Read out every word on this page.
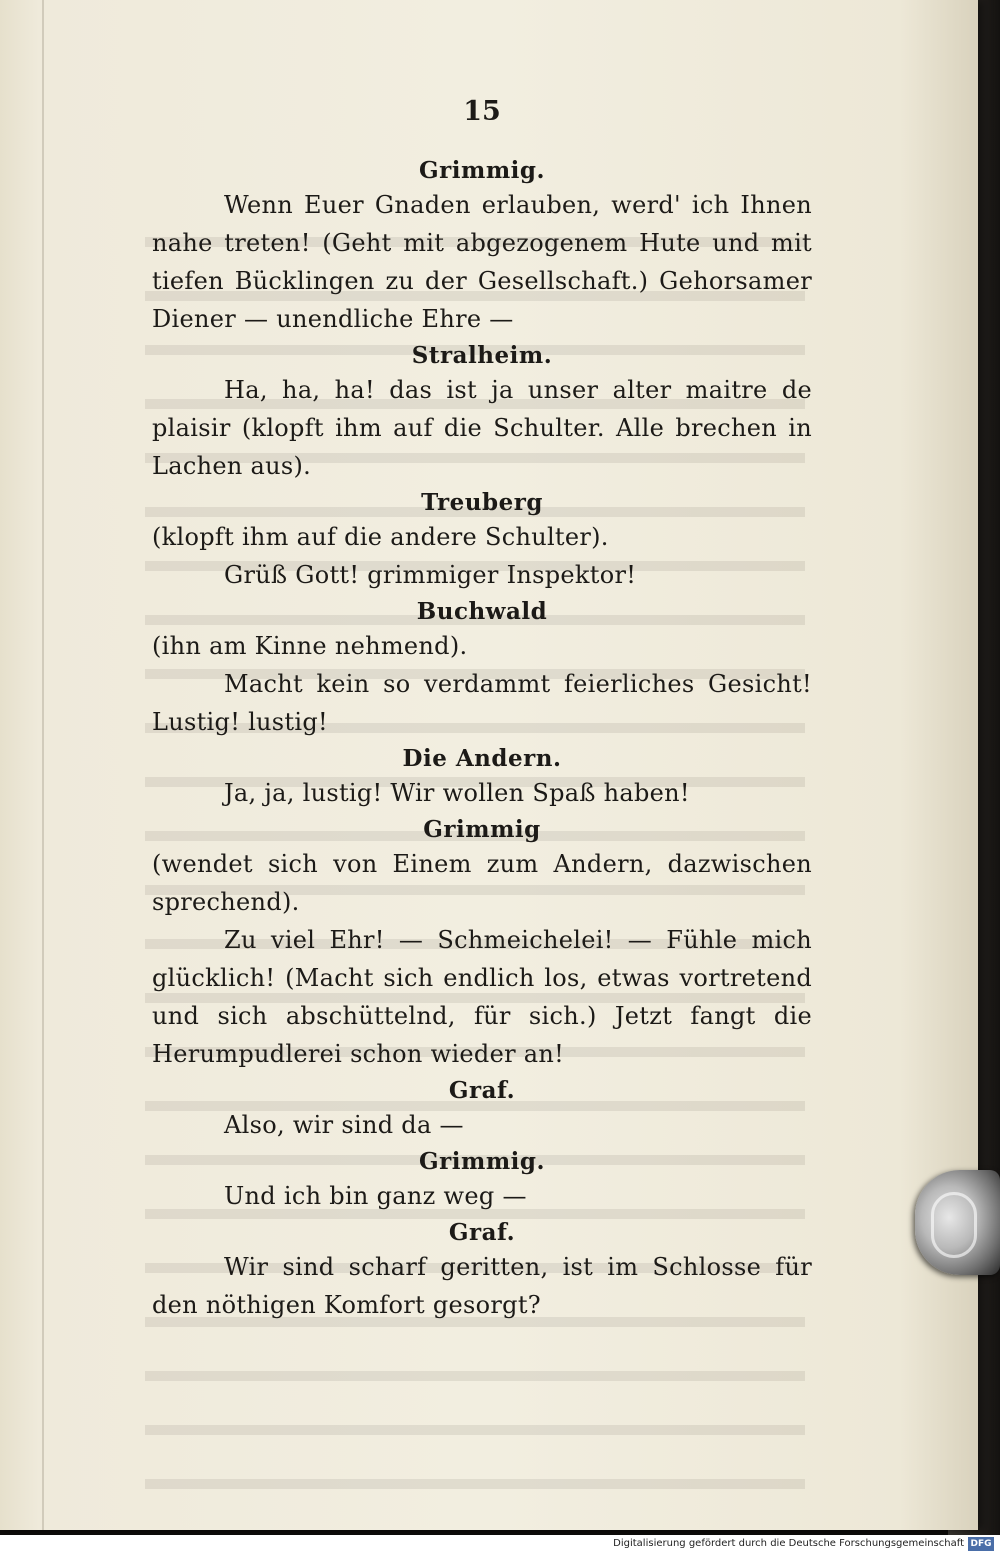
15
Grimmig.
Wenn Euer Gnaden erlauben, werd' ich Ihnen nahe treten! (Geht mit abgezogenem Hute und mit tiefen Bücklingen zu der Gesellschaft.) Gehorsamer Diener — unendliche Ehre —
Stralheim.
Ha, ha, ha! das ist ja unser alter maitre de plaisir (klopft ihm auf die Schulter. Alle brechen in Lachen aus).
Treuberg
(klopft ihm auf die andere Schulter).
Grüß Gott! grimmiger Inspektor!
Buchwald
(ihn am Kinne nehmend).
Macht kein so verdammt feierliches Gesicht! Lustig! lustig!
Die Andern.
Ja, ja, lustig! Wir wollen Spaß haben!
Grimmig
(wendet sich von Einem zum Andern, dazwischen sprechend).
Zu viel Ehr! — Schmeichelei! — Fühle mich glücklich! (Macht sich endlich los, etwas vortretend und sich abschüttelnd, für sich.) Jetzt fangt die Herumpudlerei schon wieder an!
Graf.
Also, wir sind da —
Grimmig.
Und ich bin ganz weg —
Graf.
Wir sind scharf geritten, ist im Schlosse für den nöthigen Komfort gesorgt?
Digitalisierung gefördert durch die Deutsche Forschungsgemeinschaft DFG
